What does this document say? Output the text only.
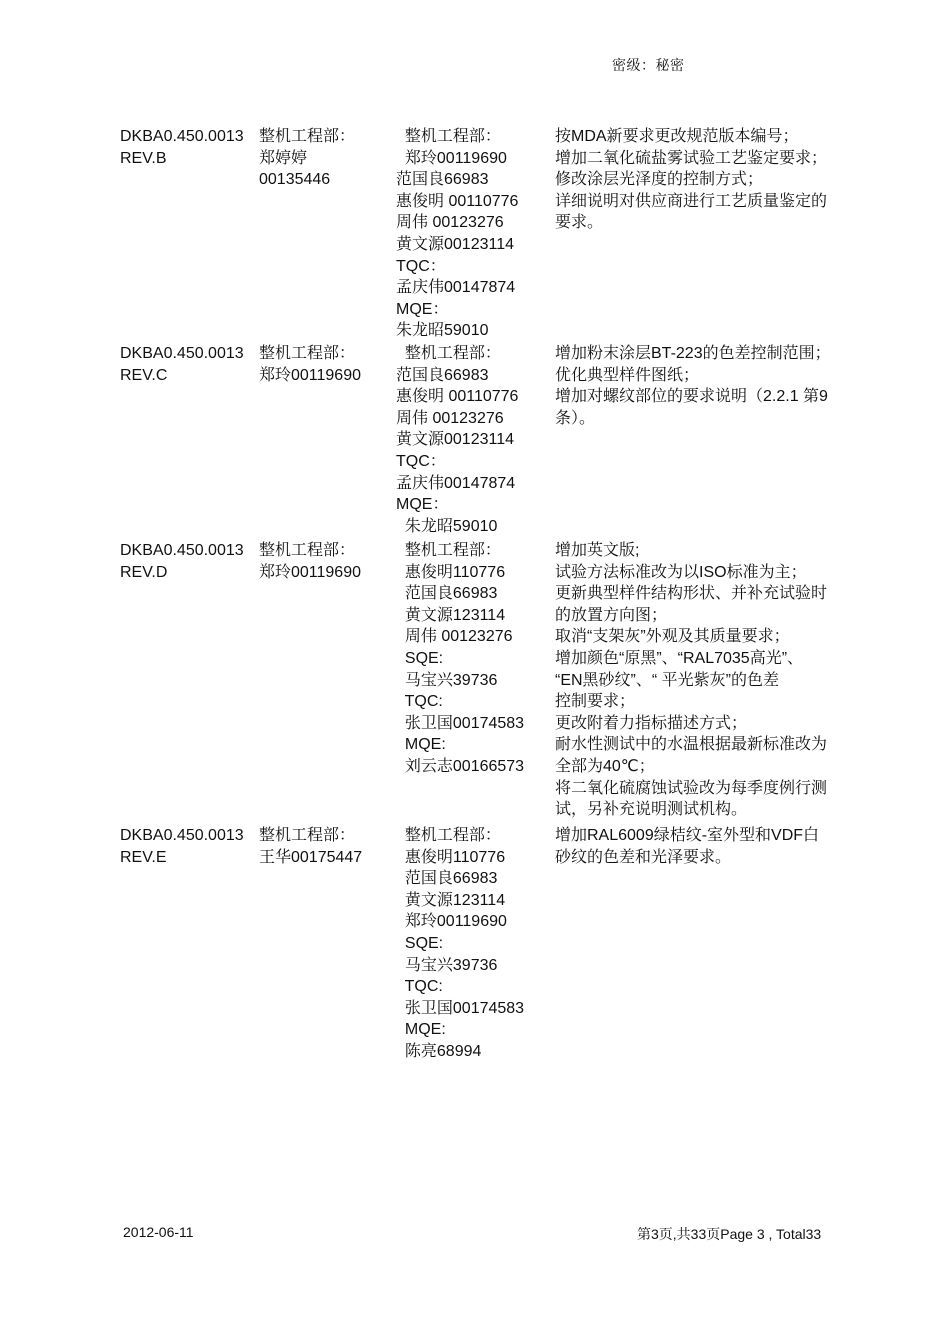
密级：秘密
DKBA0.450.0013
REV.B
整机工程部：
郑婷婷
00135446
整机工程部：
郑玲00119690
范国良66983
惠俊明 00110776
周伟 00123276
黄文源00123114
TQC：
孟庆伟00147874
MQE：
朱龙昭59010
按MDA新要求更改规范版本编号；
增加二氧化硫盐雾试验工艺鉴定要求；
修改涂层光泽度的控制方式；
详细说明对供应商进行工艺质量鉴定的
要求。
DKBA0.450.0013
REV.C
整机工程部：
郑玲00119690
整机工程部：
范国良66983
惠俊明 00110776
周伟 00123276
黄文源00123114
TQC：
孟庆伟00147874
MQE：
朱龙昭59010
增加粉末涂层BT-223的色差控制范围；
优化典型样件图纸；
增加对螺纹部位的要求说明（2.2.1 第9
条）。
DKBA0.450.0013
REV.D
整机工程部：
郑玲00119690
整机工程部：
惠俊明110776
范国良66983
黄文源123114
周伟 00123276
SQE:
马宝兴39736
TQC:
张卫国00174583
MQE:
刘云志00166573
增加英文版;
试验方法标准改为以ISO标准为主；
更新典型样件结构形状、并补充试验时
的放置方向图；
取消“支架灰”外观及其质量要求；
增加颜色“原黑”、“RAL7035高光”、
“EN黑砂纹”、“ 平光紫灰”的色差
控制要求；
更改附着力指标描述方式；
耐水性测试中的水温根据最新标准改为
全部为40℃；
将二氧化硫腐蚀试验改为每季度例行测
试，另补充说明测试机构。
DKBA0.450.0013
REV.E
整机工程部：
王华00175447
整机工程部：
惠俊明110776
范国良66983
黄文源123114
郑玲00119690
SQE:
马宝兴39736
TQC:
张卫国00174583
MQE:
陈亮68994
增加RAL6009绿桔纹-室外型和VDF白
砂纹的色差和光泽要求。
2012-06-11	第3页,共33页Page 3 , Total33
